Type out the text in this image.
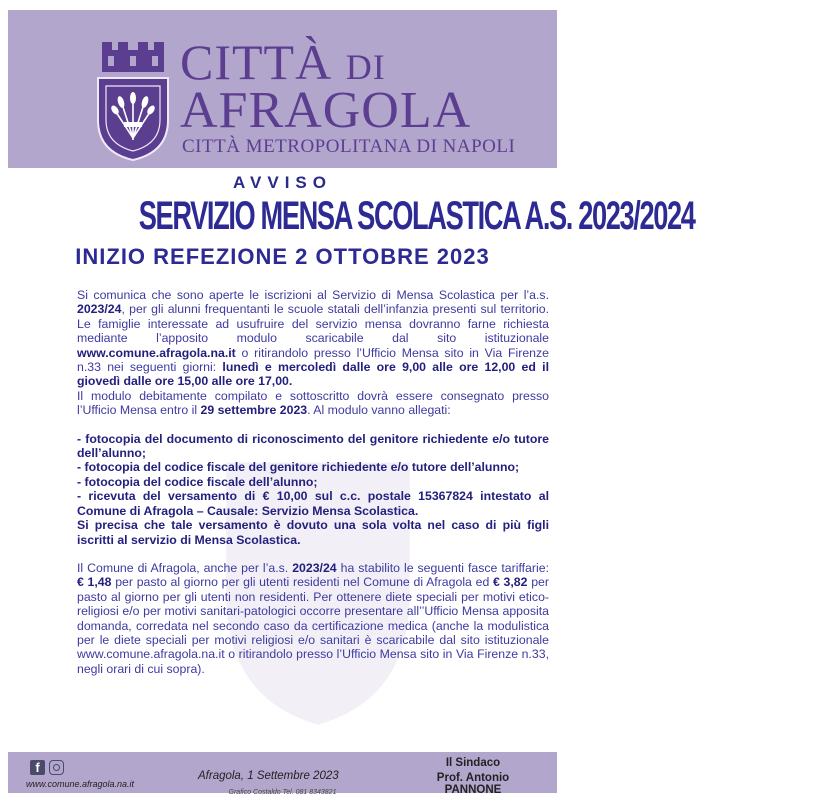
CITTÀ DI
AFRAGOLA
CITTÀ METROPOLITANA DI NAPOLI
AVVISO
SERVIZIO MENSA SCOLASTICA A.S. 2023/2024
INIZIO REFEZIONE 2 OTTOBRE 2023

Si comunica che sono aperte le iscrizioni al Servizio di Mensa Scolastica per l’a.s. 2023/24, per gli alunni frequentanti le scuole statali dell’infanzia presenti sul territorio. Le famiglie interessate ad usufruire del servizio mensa dovranno farne richiesta mediante l’apposito modulo scaricabile dal sito istituzionale www.comune.afragola.na.it o ritirandolo presso l’Ufficio Mensa sito in Via Firenze n.33 nei seguenti giorni: lunedì e mercoledì dalle ore 9,00 alle ore 12,00 ed il giovedì dalle ore 15,00 alle ore 17,00.

Il modulo debitamente compilato e sottoscritto dovrà essere consegnato presso l’Ufficio Mensa entro il 29 settembre 2023. Al modulo vanno allegati:

- fotocopia del documento di riconoscimento del genitore richiedente e/o tutore dell’alunno;
- fotocopia del codice fiscale del genitore richiedente e/o tutore dell’alunno;
- fotocopia del codice fiscale dell’alunno;
- ricevuta del versamento di € 10,00 sul c.c. postale 15367824 intestato al Comune di Afragola – Causale: Servizio Mensa Scolastica.
Si precisa che tale versamento è dovuto una sola volta nel caso di più figli iscritti al servizio di Mensa Scolastica.

Il Comune di Afragola, anche per l’a.s. 2023/24 ha stabilito le seguenti fasce tariffarie: € 1,48 per pasto al giorno per gli utenti residenti nel Comune di Afragola ed € 3,82 per pasto al giorno per gli utenti non residenti. Per ottenere diete speciali per motivi etico-religiosi e/o per motivi sanitari-patologici occorre presentare all’’Ufficio Mensa apposita domanda, corredata nel secondo caso da certificazione medica (anche la modulistica per le diete speciali per motivi religiosi e/o sanitari è scaricabile dal sito istituzionale www.comune.afragola.na.it o ritirandolo presso l’Ufficio Mensa sito in Via Firenze n.33, negli orari di cui sopra).

f
www.comune.afragola.na.it
Afragola, 1 Settembre 2023
Il Sindaco
Prof. Antonio PANNONE
Grafico Costaldo Tel. 081 8343821
